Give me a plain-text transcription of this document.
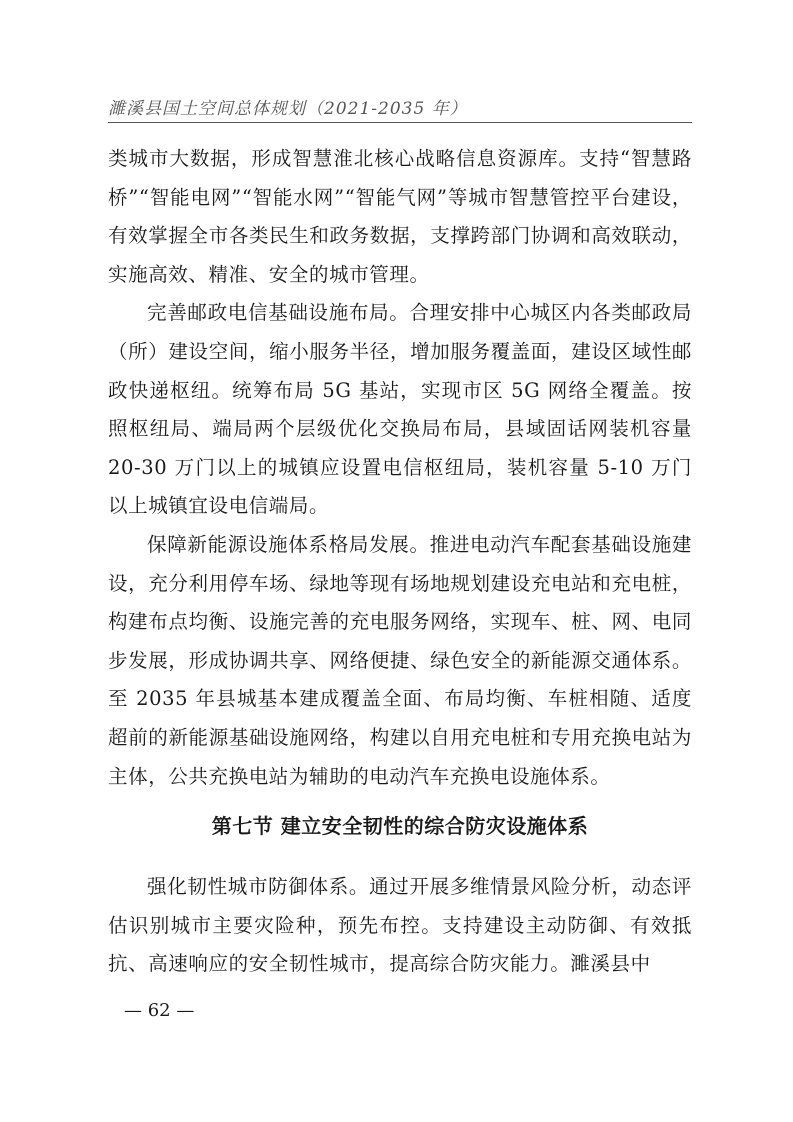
濉溪县国土空间总体规划（2021-2035 年）

类城市大数据，形成智慧淮北核心战略信息资源库。支持“智慧路桥”“智能电网”“智能水网”“智能气网”等城市智慧管控平台建设，有效掌握全市各类民生和政务数据，支撑跨部门协调和高效联动，实施高效、精准、安全的城市管理。

完善邮政电信基础设施布局。合理安排中心城区内各类邮政局（所）建设空间，缩小服务半径，增加服务覆盖面，建设区域性邮政快递枢纽。统筹布局 5G 基站，实现市区 5G 网络全覆盖。按照枢纽局、端局两个层级优化交换局布局，县域固话网装机容量 20-30 万门以上的城镇应设置电信枢纽局，装机容量 5-10 万门以上城镇宜设电信端局。

保障新能源设施体系格局发展。推进电动汽车配套基础设施建设，充分利用停车场、绿地等现有场地规划建设充电站和充电桩，构建布点均衡、设施完善的充电服务网络，实现车、桩、网、电同步发展，形成协调共享、网络便捷、绿色安全的新能源交通体系。至 2035 年县城基本建成覆盖全面、布局均衡、车桩相随、适度超前的新能源基础设施网络，构建以自用充电桩和专用充换电站为主体，公共充换电站为辅助的电动汽车充换电设施体系。

第七节 建立安全韧性的综合防灾设施体系

强化韧性城市防御体系。通过开展多维情景风险分析，动态评估识别城市主要灾险种，预先布控。支持建设主动防御、有效抵抗、高速响应的安全韧性城市，提高综合防灾能力。濉溪县中

— 62 —
